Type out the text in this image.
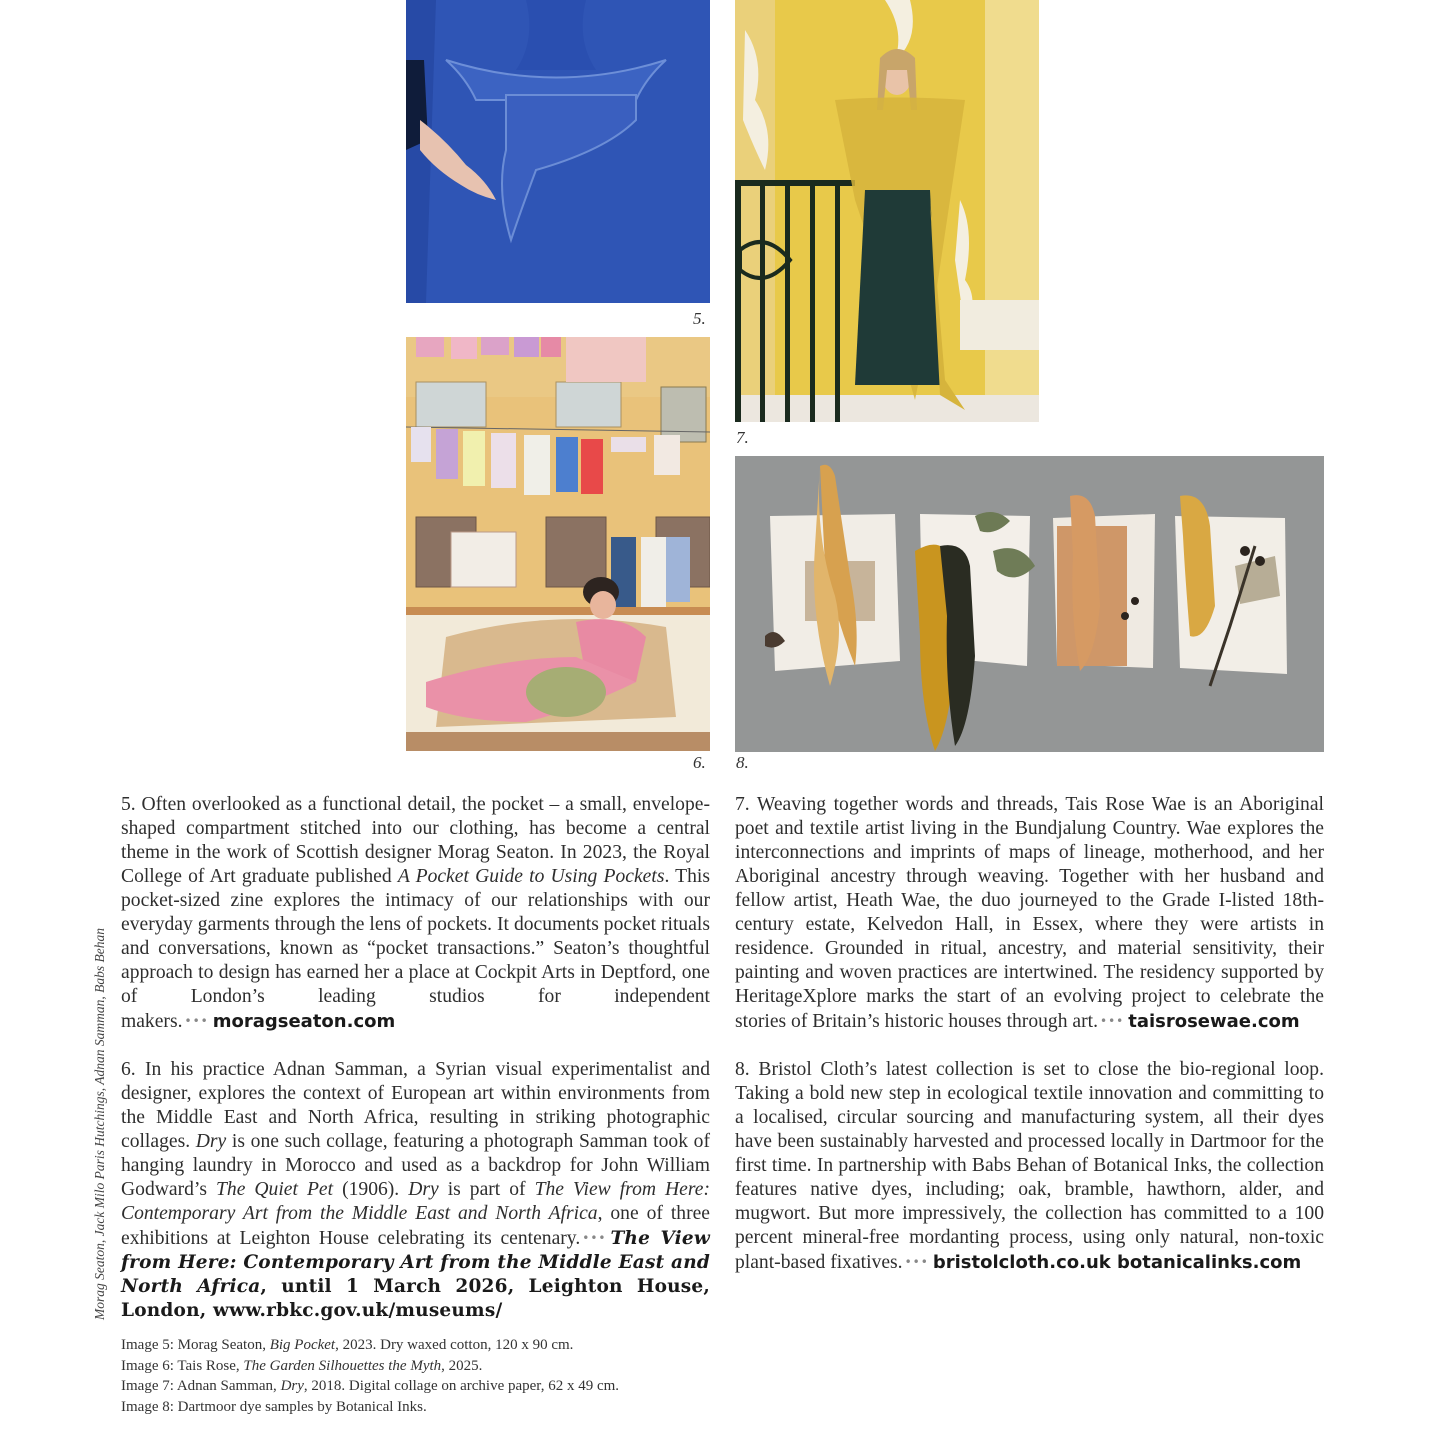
5.
6.
7.
8.
Morag Seaton, Jack Milo Paris Hutchings, Adnan Samman, Babs Behan

5. Often overlooked as a functional detail, the pocket – a small, envelope-shaped compartment stitched into our clothing, has become a central theme in the work of Scottish designer Morag Seaton. In 2023, the Royal College of Art graduate published A Pocket Guide to Using Pockets. This pocket-sized zine explores the intimacy of our relationships with our everyday garments through the lens of pockets. It documents pocket rituals and conversations, known as “pocket transactions.” Seaton’s thoughtful approach to design has earned her a place at Cockpit Arts in Deptford, one of London’s leading studios for independent makers. ••• moragseaton.com

6. In his practice Adnan Samman, a Syrian visual experimentalist and designer, explores the context of European art within environments from the Middle East and North Africa, resulting in striking photographic collages. Dry is one such collage, featuring a photograph Samman took of hanging laundry in Morocco and used as a backdrop for John William Godward’s The Quiet Pet (1906). Dry is part of The View from Here: Contemporary Art from the Middle East and North Africa, one of three exhibitions at Leighton House celebrating its centenary. ••• The View from Here: Contemporary Art from the Middle East and North Africa, until 1 March 2026, Leighton House, London, www.rbkc.gov.uk/museums/

7. Weaving together words and threads, Tais Rose Wae is an Aboriginal poet and textile artist living in the Bundjalung Country. Wae explores the interconnections and imprints of maps of lineage, motherhood, and her Aboriginal ancestry through weaving. Together with her husband and fellow artist, Heath Wae, the duo journeyed to the Grade I-listed 18th-century estate, Kelvedon Hall, in Essex, where they were artists in residence. Grounded in ritual, ancestry, and material sensitivity, their painting and woven practices are intertwined. The residency supported by HeritageXplore marks the start of an evolving project to celebrate the stories of Britain’s historic houses through art. ••• taisrosewae.com

8. Bristol Cloth’s latest collection is set to close the bio-regional loop. Taking a bold new step in ecological textile innovation and committing to a localised, circular sourcing and manufacturing system, all their dyes have been sustainably harvested and processed locally in Dartmoor for the first time. In partnership with Babs Behan of Botanical Inks, the collection features native dyes, including; oak, bramble, hawthorn, alder, and mugwort. But more impressively, the collection has committed to a 100 percent mineral-free mordanting process, using only natural, non-toxic plant-based fixatives. ••• bristolcloth.co.uk botanicalinks.com

Image 5: Morag Seaton, Big Pocket, 2023. Dry waxed cotton, 120 x 90 cm.
Image 6: Tais Rose, The Garden Silhouettes the Myth, 2025.
Image 7: Adnan Samman, Dry, 2018. Digital collage on archive paper, 62 x 49 cm.
Image 8: Dartmoor dye samples by Botanical Inks.
